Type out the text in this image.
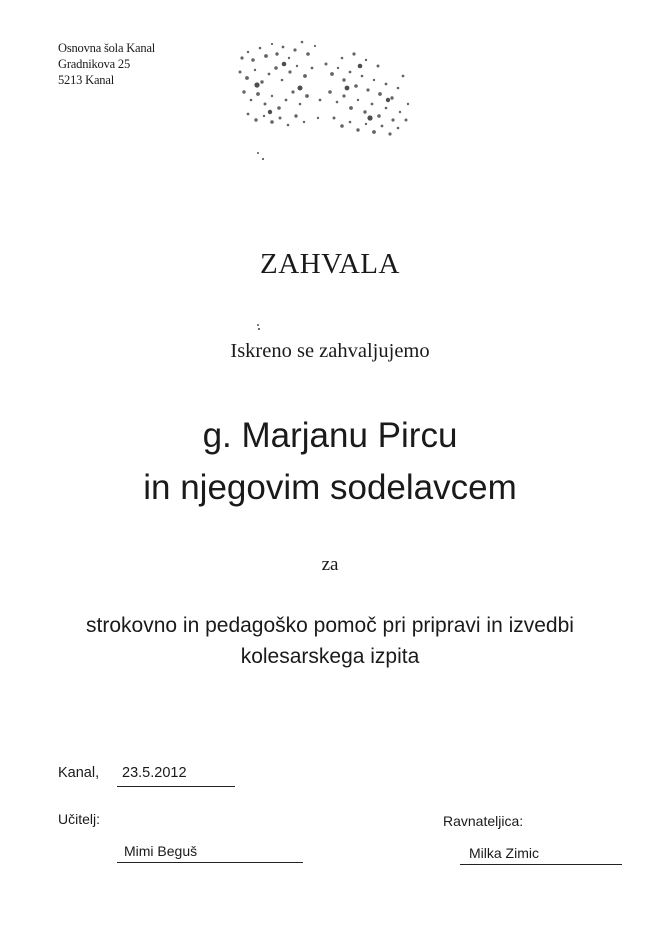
Osnovna šola Kanal
Gradnikova 25
5213 Kanal
ZAHVALA
Iskreno se zahvaljujemo
g. Marjanu Pircu
in njegovim sodelavcem
za
strokovno in pedagoško pomoč pri pripravi in izvedbi
kolesarskega izpita
Kanal, 23.5.2012
Učitelj:
Mimi Beguš
Ravnateljica:
Milka Zimic
